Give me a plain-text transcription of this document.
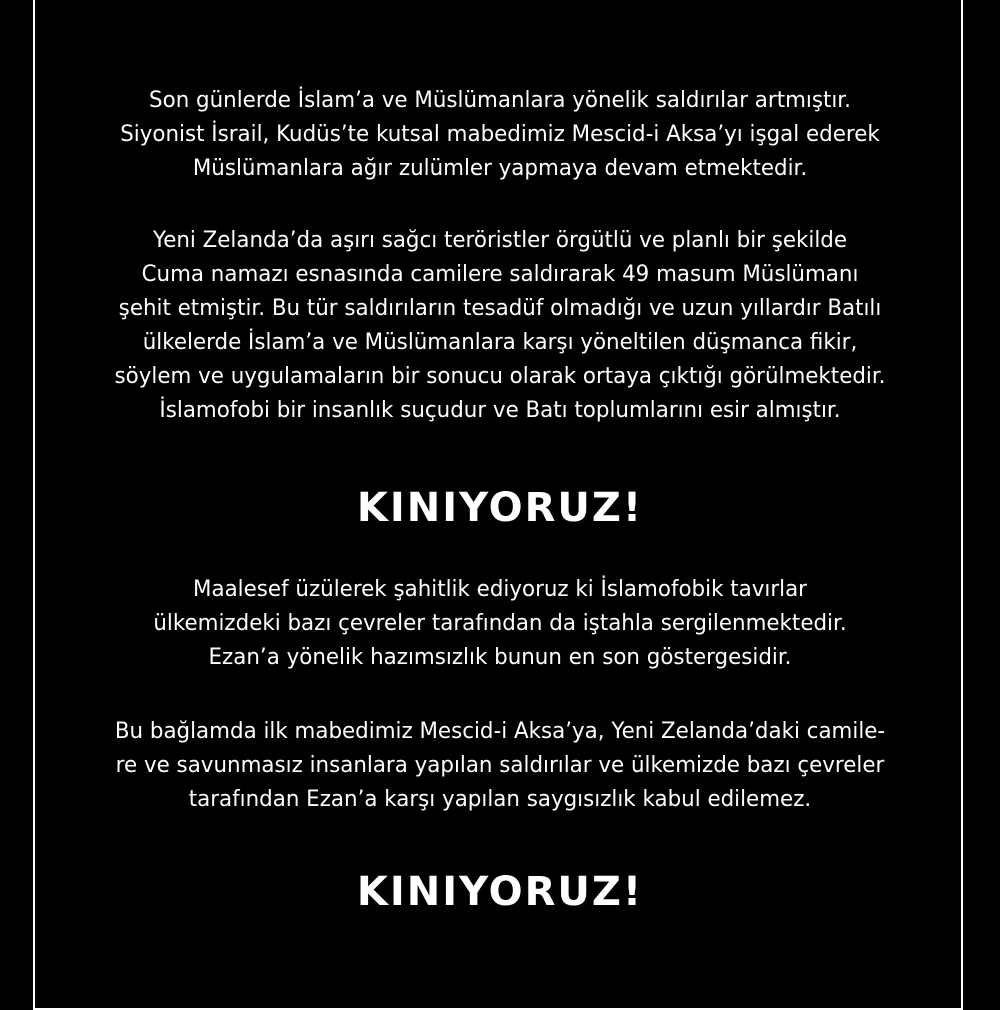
Son günlerde İslam’a ve Müslümanlara yönelik saldırılar artmıştır.
Siyonist İsrail, Kudüs’te kutsal mabedimiz Mescid-i Aksa’yı işgal ederek
Müslümanlara ağır zulümler yapmaya devam etmektedir.

Yeni Zelanda’da aşırı sağcı teröristler örgütlü ve planlı bir şekilde
Cuma namazı esnasında camilere saldırarak 49 masum Müslümanı
şehit etmiştir. Bu tür saldırıların tesadüf olmadığı ve uzun yıllardır Batılı
ülkelerde İslam’a ve Müslümanlara karşı yöneltilen düşmanca fikir,
söylem ve uygulamaların bir sonucu olarak ortaya çıktığı görülmektedir.
İslamofobi bir insanlık suçudur ve Batı toplumlarını esir almıştır.

KINIYORUZ!

Maalesef üzülerek şahitlik ediyoruz ki İslamofobik tavırlar
ülkemizdeki bazı çevreler tarafından da iştahla sergilenmektedir.
Ezan’a yönelik hazımsızlık bunun en son göstergesidir.

Bu bağlamda ilk mabedimiz Mescid-i Aksa’ya, Yeni Zelanda’daki camile-
re ve savunmasız insanlara yapılan saldırılar ve ülkemizde bazı çevreler
tarafından Ezan’a karşı yapılan saygısızlık kabul edilemez.

KINIYORUZ!
